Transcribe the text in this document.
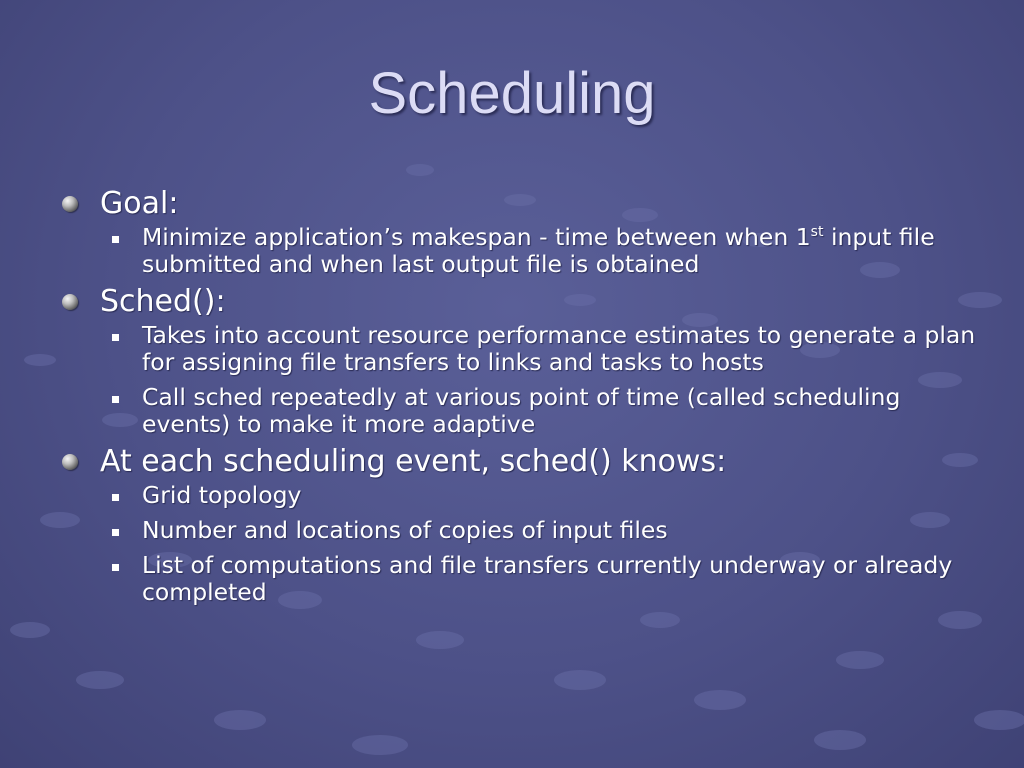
Scheduling
Goal:
Minimize application’s makespan - time between when 1st input file submitted and when last output file is obtained
Sched():
Takes into account resource performance estimates to generate a plan for assigning file transfers to links and tasks to hosts
Call sched repeatedly at various point of time (called scheduling events) to make it more adaptive
At each scheduling event, sched() knows:
Grid topology
Number and locations of copies of input files
List of computations and file transfers currently underway or already completed
